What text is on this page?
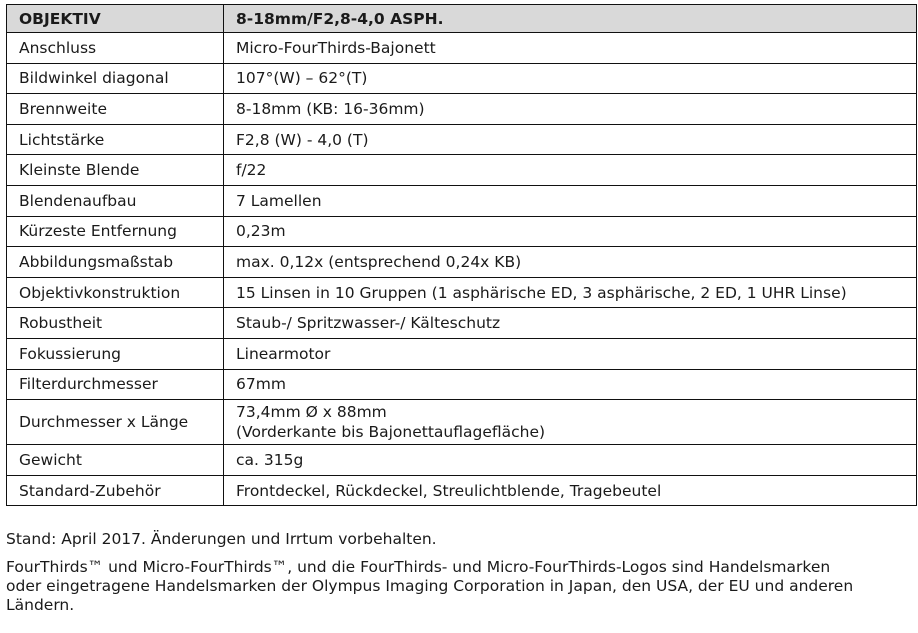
OBJEKTIV	8-18mm/F2,8-4,0 ASPH.
Anschluss	Micro-FourThirds-Bajonett
Bildwinkel diagonal	107°(W) – 62°(T)
Brennweite	8-18mm (KB: 16-36mm)
Lichtstärke	F2,8 (W) - 4,0 (T)
Kleinste Blende	f/22
Blendenaufbau	7 Lamellen
Kürzeste Entfernung	0,23m
Abbildungsmaßstab	max. 0,12x (entsprechend 0,24x KB)
Objektivkonstruktion	15 Linsen in 10 Gruppen (1 asphärische ED, 3 asphärische, 2 ED, 1 UHR Linse)
Robustheit	Staub-/ Spritzwasser-/ Kälteschutz
Fokussierung	Linearmotor
Filterdurchmesser	67mm
Durchmesser x Länge	73,4mm Ø x 88mm
(Vorderkante bis Bajonettauflagefläche)

Gewicht	ca. 315g
Standard-Zubehör	Frontdeckel, Rückdeckel, Streulichtblende, Tragebeutel

Stand: April 2017. Änderungen und Irrtum vorbehalten.

FourThirds™ und Micro-FourThirds™, und die FourThirds- und Micro-FourThirds-Logos sind Handelsmarken

oder eingetragene Handelsmarken der Olympus Imaging Corporation in Japan, den USA, der EU und anderen

Ländern.
